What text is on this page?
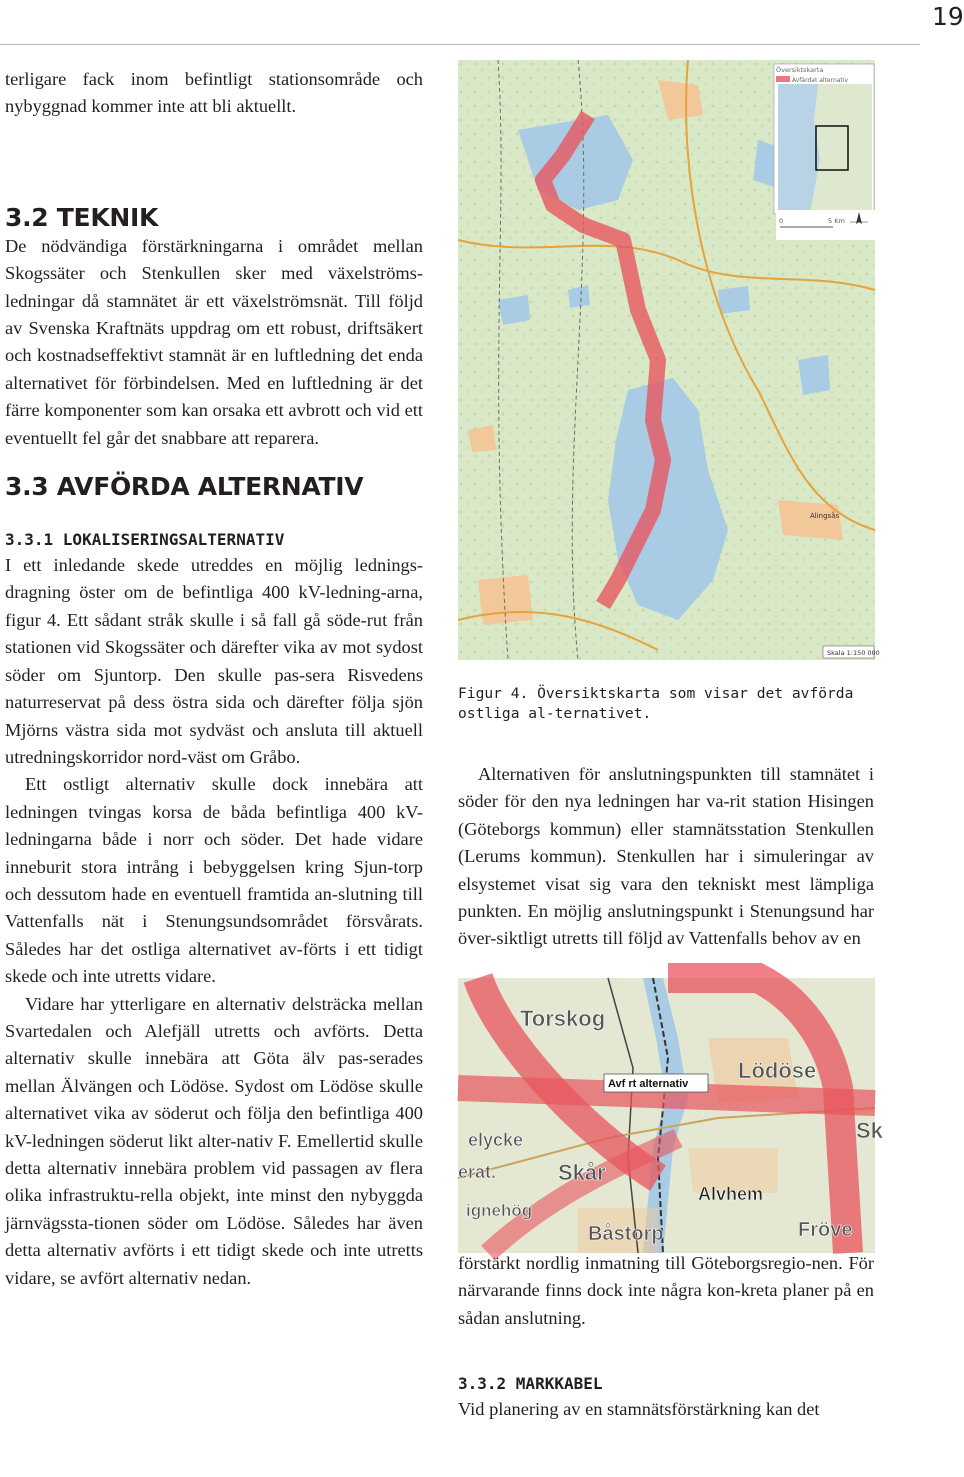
19

terligare fack inom befintligt stationsområde och nybyggnad kommer inte att bli aktuellt.

3.2 TEKNIK

De nödvändiga förstärkningarna i området mellan Skogssäter och Stenkullen sker med växelströms-ledningar då stamnätet är ett växelströmsnät. Till följd av Svenska Kraftnäts uppdrag om ett robust, driftsäkert och kostnadseffektivt stamnät är en luftledning det enda alternativet för förbindelsen. Med en luftledning är det färre komponenter som kan orsaka ett avbrott och vid ett eventuellt fel går det snabbare att reparera.

3.3 AVFÖRDA ALTERNATIV
3.3.1 LOKALISERINGSALTERNATIV

I ett inledande skede utreddes en möjlig lednings-dragning öster om de befintliga 400 kV-ledning-arna, figur 4. Ett sådant stråk skulle i så fall gå söde-rut från stationen vid Skogssäter och därefter vika av mot sydost söder om Sjuntorp. Den skulle pas-sera Risvedens naturreservat på dess östra sida och därefter följa sjön Mjörns västra sida mot sydväst och ansluta till aktuell utredningskorridor nord-väst om Gråbo.

Ett ostligt alternativ skulle dock innebära att ledningen tvingas korsa de båda befintliga 400 kV-ledningarna både i norr och söder. Det hade vidare inneburit stora intrång i bebyggelsen kring Sjun-torp och dessutom hade en eventuell framtida an-slutning till Vattenfalls nät i Stenungsundsområdet försvårats. Således har det ostliga alternativet av-förts i ett tidigt skede och inte utretts vidare.

Vidare har ytterligare en alternativ delsträcka mellan Svartedalen och Alefjäll utretts och avförts. Detta alternativ skulle innebära att Göta älv pas-serades mellan Älvängen och Lödöse. Sydost om Lödöse skulle alternativet vika av söderut och följa den befintliga 400 kV-ledningen söderut likt alter-nativ F. Emellertid skulle detta alternativ innebära problem vid passagen av flera olika infrastruktu-rella objekt, inte minst den nybyggda järnvägssta-tionen söder om Lödöse. Således har även detta alternativ avförts i ett tidigt skede och inte utretts vidare, se avfört alternativ nedan.

Översiktskarta
Avfärdat alternativ
0	5 Km
Alingsås
Skala 1:150 000
Figur 4. Översiktskarta som visar det avförda ostliga al-ternativet.

Alternativen för anslutningspunkten till stamnätet i söder för den nya ledningen har va-rit station Hisingen (Göteborgs kommun) eller stamnätsstation Stenkullen (Lerums kommun). Stenkullen har i simuleringar av elsystemet visat sig vara den tekniskt mest lämpliga punkten. En möjlig anslutningspunkt i Stenungsund har över-siktligt utretts till följd av Vattenfalls behov av en

förstärkt nordlig inmatning till Göteborgsregio-nen. För närvarande finns dock inte några kon-kreta planer på en sådan anslutning.

3.3.2 MARKKABEL

Vid planering av en stamnätsförstärkning kan det

Torskog
Lödöse
elycke
Skår
Sk
erat.
Alvhem
ignehög
Båstorp	Fröve
Avf rt alternativ
